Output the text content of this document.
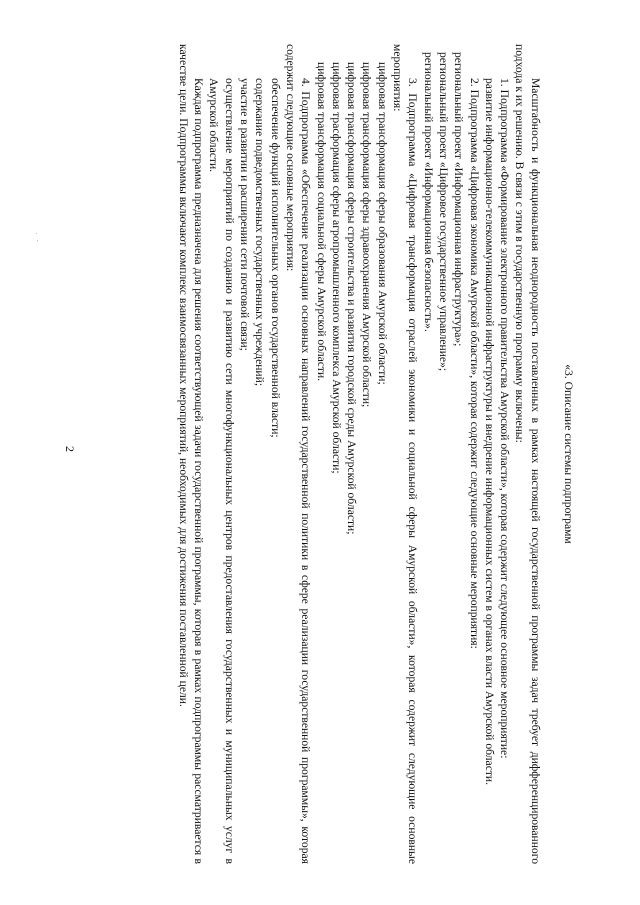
2	«3. Описание системы подпрограмм

Масштабность и функциональная неоднородность поставленных в рамках настоящей государственной программы задач требует дифференцированного подхода к их решению. В связи с этим в государственную программу включены:

1. Подпрограмма «Формирование электронного правительства Амурской области», которая содержит следующее основное мероприятие:

развитие информационно-телекоммуникационной инфраструктуры и внедрение информационных систем в органах власти Амурской области.

2. Подпрограмма «Цифровая экономика Амурской области», которая содержит следующие основные мероприятия:

региональный проект «Информационная инфраструктура»;

региональный проект «Цифровое государственное управление»;

региональный проект «Информационная безопасность».

3. Подпрограмма «Цифровая трансформация отраслей экономики и социальной сферы Амурской области», которая содержит следующие основные мероприятия:

цифровая трансформация сферы образования Амурской области;

цифровая трансформация сферы здравоохранения Амурской области;

цифровая трансформация сферы строительства и развития городской среды Амурской области;

цифровая трасформация сферы агропромышленного комплекса Амурской области;

цифровая трансформация социальной сферы Амурской области.

4. Подпрограмма «Обеспечение реализации основных направлений государственной политики в сфере реализации государственной программы», которая содержит следующие основные мероприятия:

обеспечение функций исполнительных органов государственной власти;

содержание подведомственных государственных учреждений;

участие в развитии и расширении сети почтовой связи;

осуществление мероприятий по созданию и развитию сети многофункциональных центров предоставления государственных и муниципальных услуг в Амурской области.

Каждая подпрограмма предназначена для решения соответствующей задачи государственной программы, которая в рамках подпрограммы рассматривается в качестве цели. Подпрограммы включают комплекс взаимосвязанных мероприятий, необходимых для достижения поставленной цели.
